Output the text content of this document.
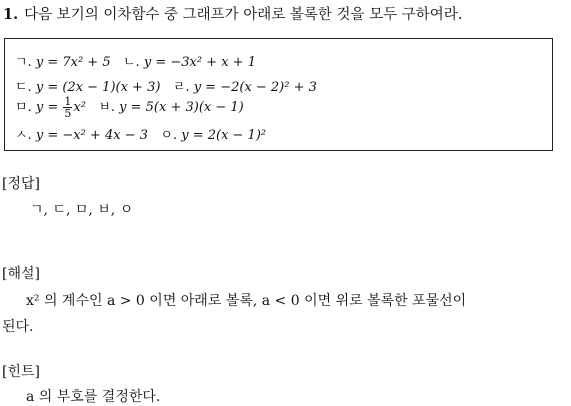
1. 다음 보기의 이차함수 중 그래프가 아래로 볼록한 것을 모두 구하여라.
ㄱ. y = 7x² + 5 ㄴ. y = −3x² + x + 1
ㄷ. y = (2x − 1)(x + 3) ㄹ. y = −2(x − 2)² + 3
ㅁ. $y = \frac{1}{5} x^2$ ㅂ. y = 5(x + 3)(x − 1)
ㅅ. y = −x² + 4x − 3 ㅇ. y = 2(x − 1)²
[정답]
ㄱ, ㄷ, ㅁ, ㅂ, ㅇ
[해설]
x² 의 계수인 a > 0 이면 아래로 볼록, a < 0 이면 위로 볼록한 포물선이
된다.
[힌트]
a 의 부호를 결정한다.
